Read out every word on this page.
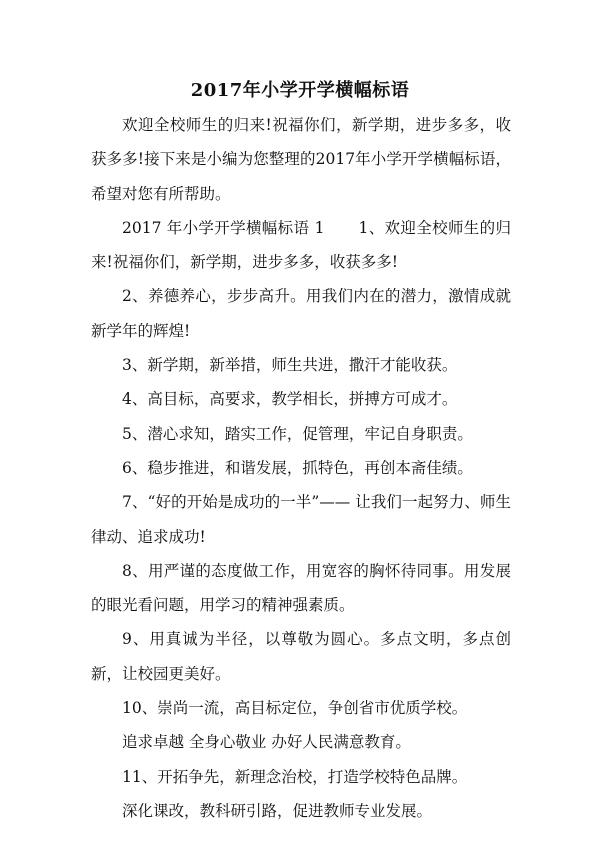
2017年小学开学横幅标语

欢迎全校师生的归来!祝福你们，新学期，进步多多，收获多多!接下来是小编为您整理的2017年小学开学横幅标语，希望对您有所帮助。

2017 年小学开学横幅标语 1 1、欢迎全校师生的归来!祝福你们，新学期，进步多多，收获多多!

2、养德养心，步步高升。用我们内在的潜力，激情成就新学年的辉煌!

3、新学期，新举措，师生共进，撒汗才能收获。

4、高目标，高要求，教学相长，拼搏方可成才。

5、潜心求知，踏实工作，促管理，牢记自身职责。

6、稳步推进，和谐发展，抓特色，再创本斋佳绩。

7、“好的开始是成功的一半”—— 让我们一起努力、师生律动、追求成功!

8、用严谨的态度做工作，用宽容的胸怀待同事。用发展的眼光看问题，用学习的精神强素质。

9、用真诚为半径，以尊敬为圆心。多点文明，多点创新，让校园更美好。

10、崇尚一流，高目标定位，争创省市优质学校。

追求卓越 全身心敬业 办好人民满意教育。

11、开拓争先，新理念治校，打造学校特色品牌。

深化课改，教科研引路，促进教师专业发展。
